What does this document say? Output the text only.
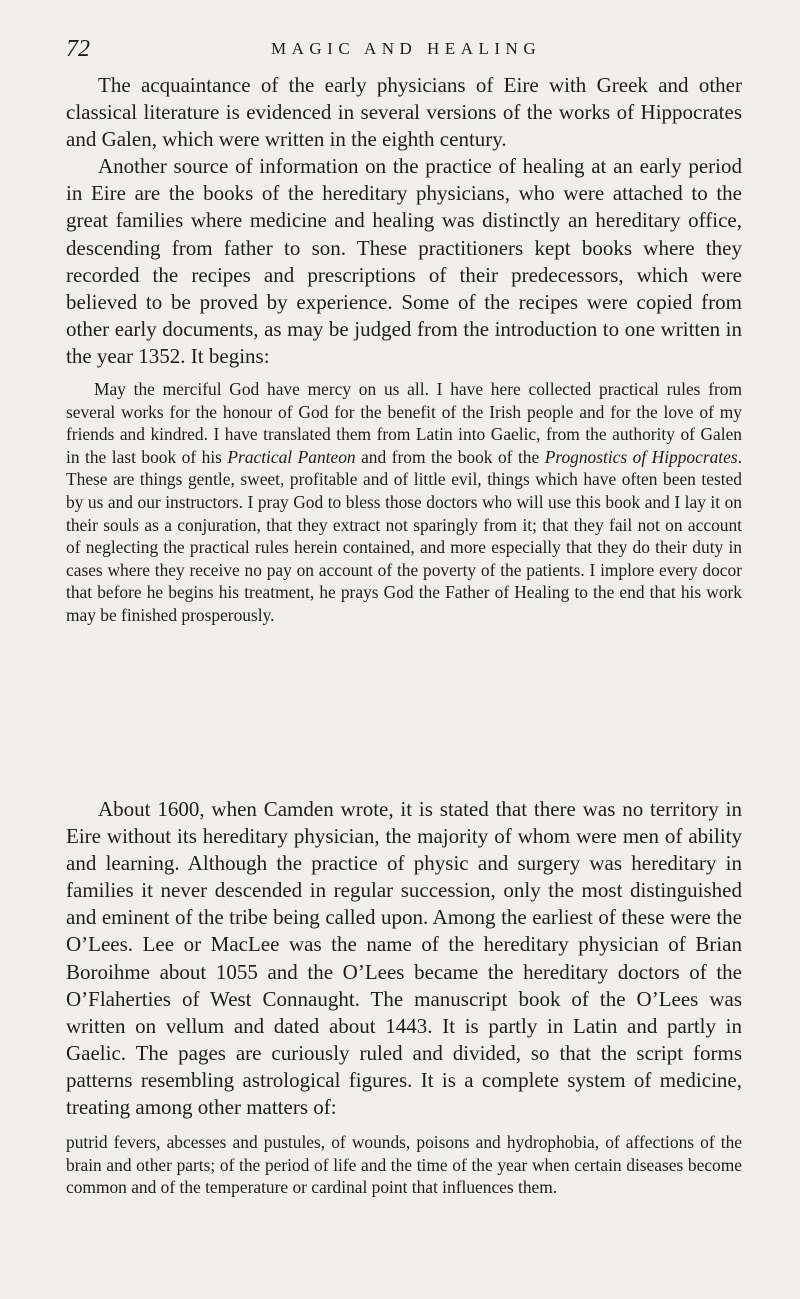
72	MAGIC AND HEALING

The acquaintance of the early physicians of Eire with Greek and other classical literature is evidenced in several versions of the works of Hippocrates and Galen, which were written in the eighth century.

Another source of information on the practice of healing at an early period in Eire are the books of the hereditary physicians, who were attached to the great families where medicine and healing was distinctly an hereditary office, descending from father to son. These practitioners kept books where they recorded the recipes and prescriptions of their predecessors, which were believed to be proved by experience. Some of the recipes were copied from other early documents, as may be judged from the introduction to one written in the year 1352. It begins:

May the merciful God have mercy on us all. I have here collected practical rules from several works for the honour of God for the benefit of the Irish people and for the love of my friends and kindred. I have translated them from Latin into Gaelic, from the authority of Galen in the last book of his Practical Panteon and from the book of the Prognostics of Hippocrates. These are things gentle, sweet, profitable and of little evil, things which have often been tested by us and our instructors. I pray God to bless those doctors who will use this book and I lay it on their souls as a conjuration, that they extract not sparingly from it; that they fail not on account of neglecting the practical rules herein contained, and more especially that they do their duty in cases where they receive no pay on account of the poverty of the patients. I implore every docor that before he begins his treatment, he prays God the Father of Healing to the end that his work may be finished prosperously.

About 1600, when Camden wrote, it is stated that there was no territory in Eire without its hereditary physician, the majority of whom were men of ability and learning. Although the practice of physic and surgery was hereditary in families it never descended in regular succession, only the most distinguished and eminent of the tribe being called upon. Among the earliest of these were the O’Lees. Lee or MacLee was the name of the hereditary physician of Brian Boroihme about 1055 and the O’Lees became the hereditary doctors of the O’Flaherties of West Connaught. The manuscript book of the O’Lees was written on vellum and dated about 1443. It is partly in Latin and partly in Gaelic. The pages are curiously ruled and divided, so that the script forms patterns resembling astrological figures. It is a complete system of medicine, treating among other matters of:

putrid fevers, abcesses and pustules, of wounds, poisons and hydrophobia, of affections of the brain and other parts; of the period of life and the time of the year when certain diseases become common and of the temperature or cardinal point that influences them.
